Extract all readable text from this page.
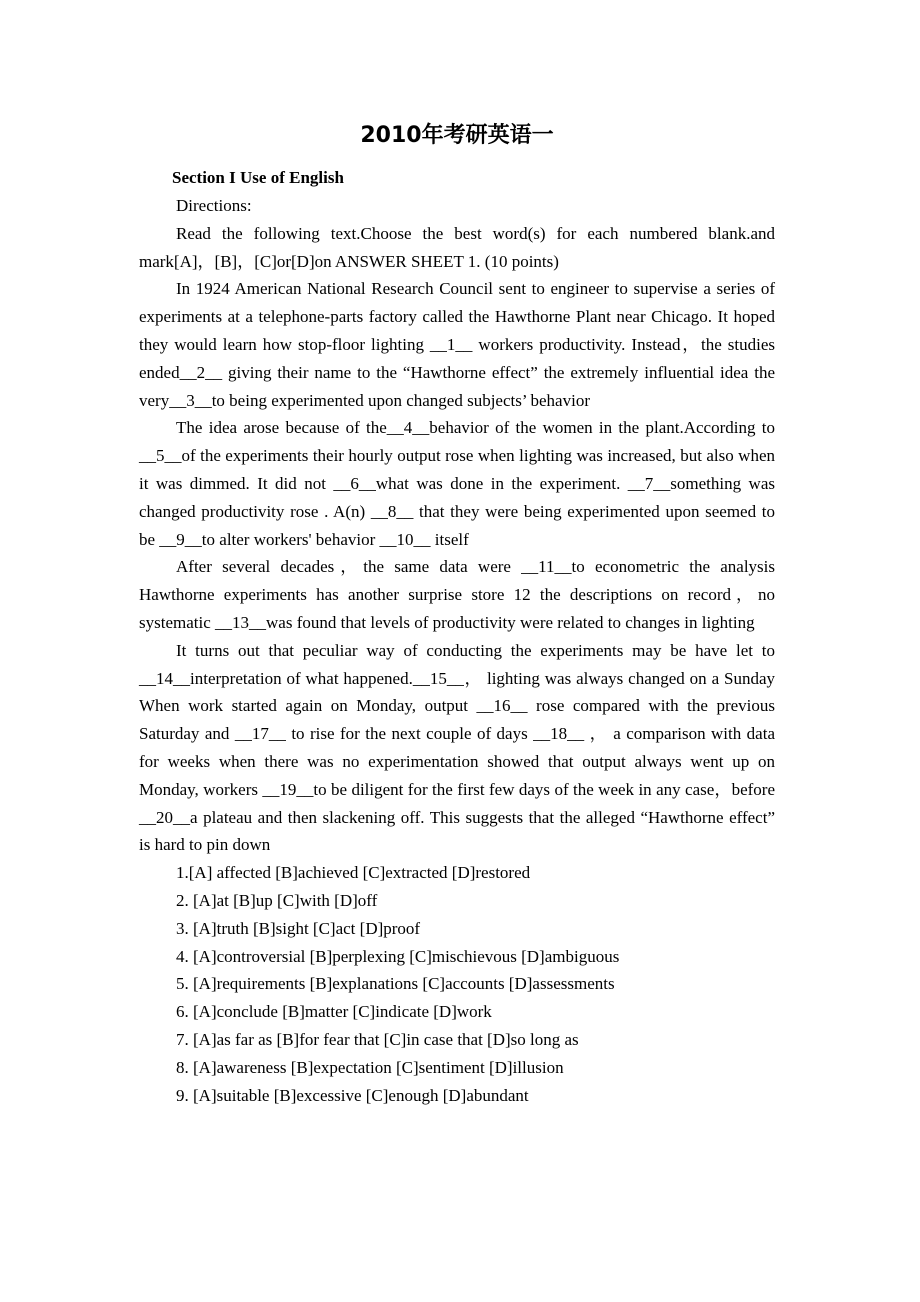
2010年考研英语一

Section I Use of English

Directions:

Read the following text.Choose the best word(s) for each numbered blank.and mark[A]，[B]，[C]or[D]on ANSWER SHEET 1. (10 points)

In 1924 American National Research Council sent to engineer to supervise a series of experiments at a telephone-parts factory called the Hawthorne Plant near Chicago. It hoped they would learn how stop-floor lighting __1__ workers productivity. Instead，the studies ended__2__ giving their name to the “Hawthorne effect” the extremely influential idea the very__3__to being experimented upon changed subjects’ behavior

The idea arose because of the__4__behavior of the women in the plant.According to __5__of the experiments their hourly output rose when lighting was increased, but also when it was dimmed. It did not __6__what was done in the experiment. __7__something was changed productivity rose . A(n) __8__ that they were being experimented upon seemed to be __9__to alter workers' behavior __10__ itself

After several decades，the same data were __11__to econometric the analysis Hawthorne experiments has another surprise store 12 the descriptions on record，no systematic __13__was found that levels of productivity were related to changes in lighting

It turns out that peculiar way of conducting the experiments may be have let to __14__interpretation of what happened.__15__， lighting was always changed on a Sunday When work started again on Monday, output __16__ rose compared with the previous Saturday and __17__ to rise for the next couple of days __18__ ， a comparison with data for weeks when there was no experimentation showed that output always went up on Monday, workers __19__to be diligent for the first few days of the week in any case，before __20__a plateau and then slackening off. This suggests that the alleged “Hawthorne effect” is hard to pin down

1.[A] affected [B]achieved [C]extracted [D]restored
2. [A]at [B]up [C]with [D]off
3. [A]truth [B]sight [C]act [D]proof
4. [A]controversial [B]perplexing [C]mischievous [D]ambiguous
5. [A]requirements [B]explanations [C]accounts [D]assessments
6. [A]conclude [B]matter [C]indicate [D]work
7. [A]as far as [B]for fear that [C]in case that [D]so long as
8. [A]awareness [B]expectation [C]sentiment [D]illusion
9. [A]suitable [B]excessive [C]enough [D]abundant
